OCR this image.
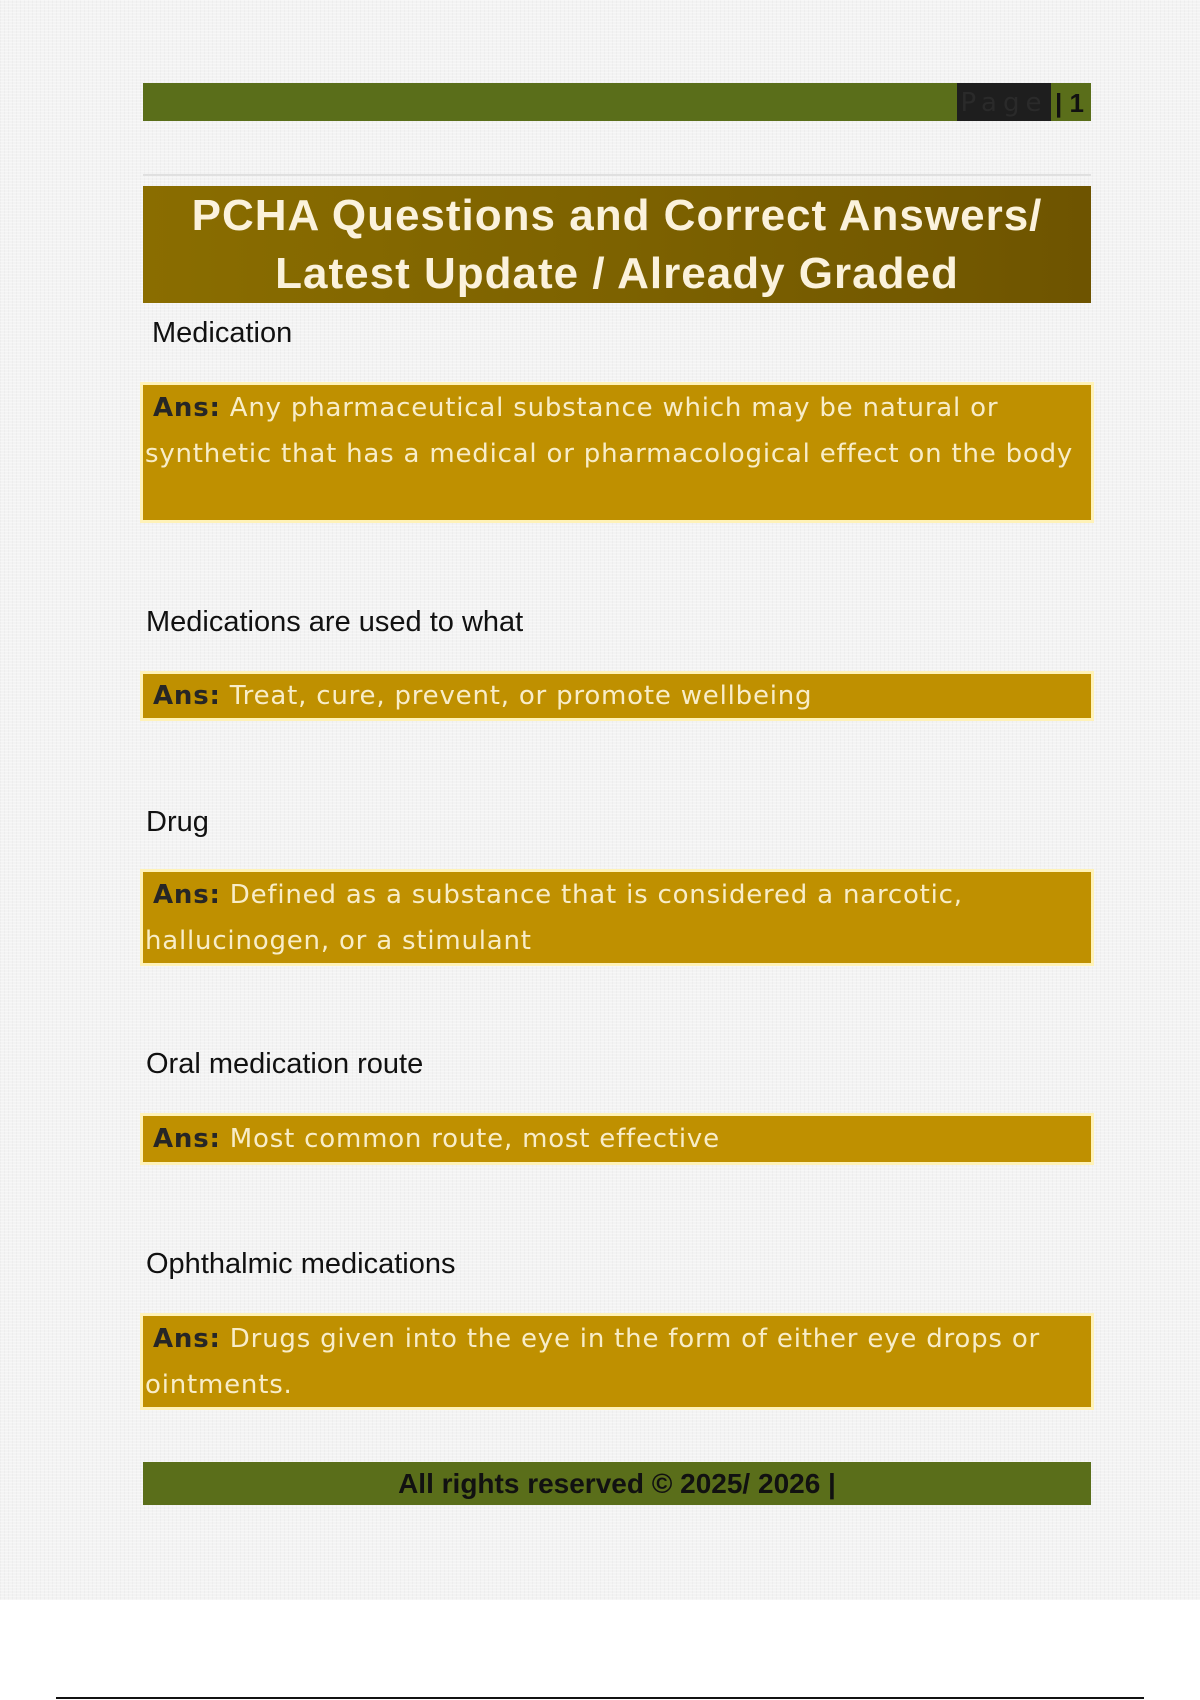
Page | 1
PCHA Questions and Correct Answers/
Latest Update / Already Graded
Medication
Ans: Any pharmaceutical substance which may be natural or synthetic that has a medical or pharmacological effect on the body
Medications are used to what
Ans: Treat, cure, prevent, or promote wellbeing
Drug
Ans: Defined as a substance that is considered a narcotic, hallucinogen, or a stimulant
Oral medication route
Ans: Most common route, most effective
Ophthalmic medications
Ans: Drugs given into the eye in the form of either eye drops or ointments.
All rights reserved © 2025/ 2026 |
